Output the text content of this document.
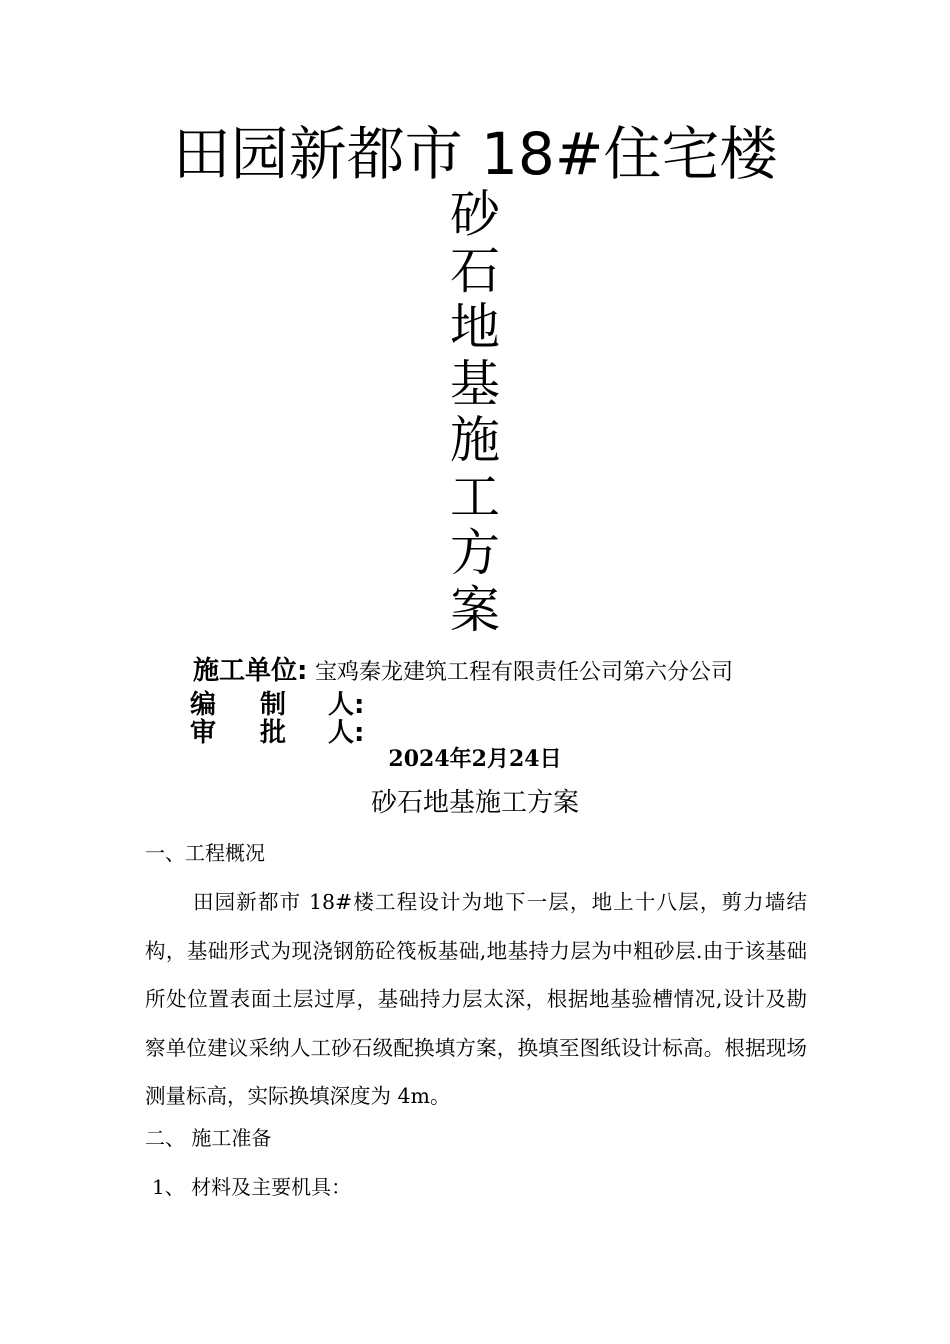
田园新都市 18#住宅楼
砂
石
地
基
施
工
方
案
施工单位: 宝鸡秦龙建筑工程有限责任公司第六分公司
编 制 人:
审 批 人:
2024年2月24日
砂石地基施工方案
一、工程概况
田园新都市 18#楼工程设计为地下一层，地上十八层，剪力墙结构，基础形式为现浇钢筋砼筏板基础,地基持力层为中粗砂层.由于该基础所处位置表面土层过厚，基础持力层太深，根据地基验槽情况,设计及勘察单位建议采纳人工砂石级配换填方案，换填至图纸设计标高。根据现场测量标高，实际换填深度为 4m。
二、 施工准备
1、 材料及主要机具：
